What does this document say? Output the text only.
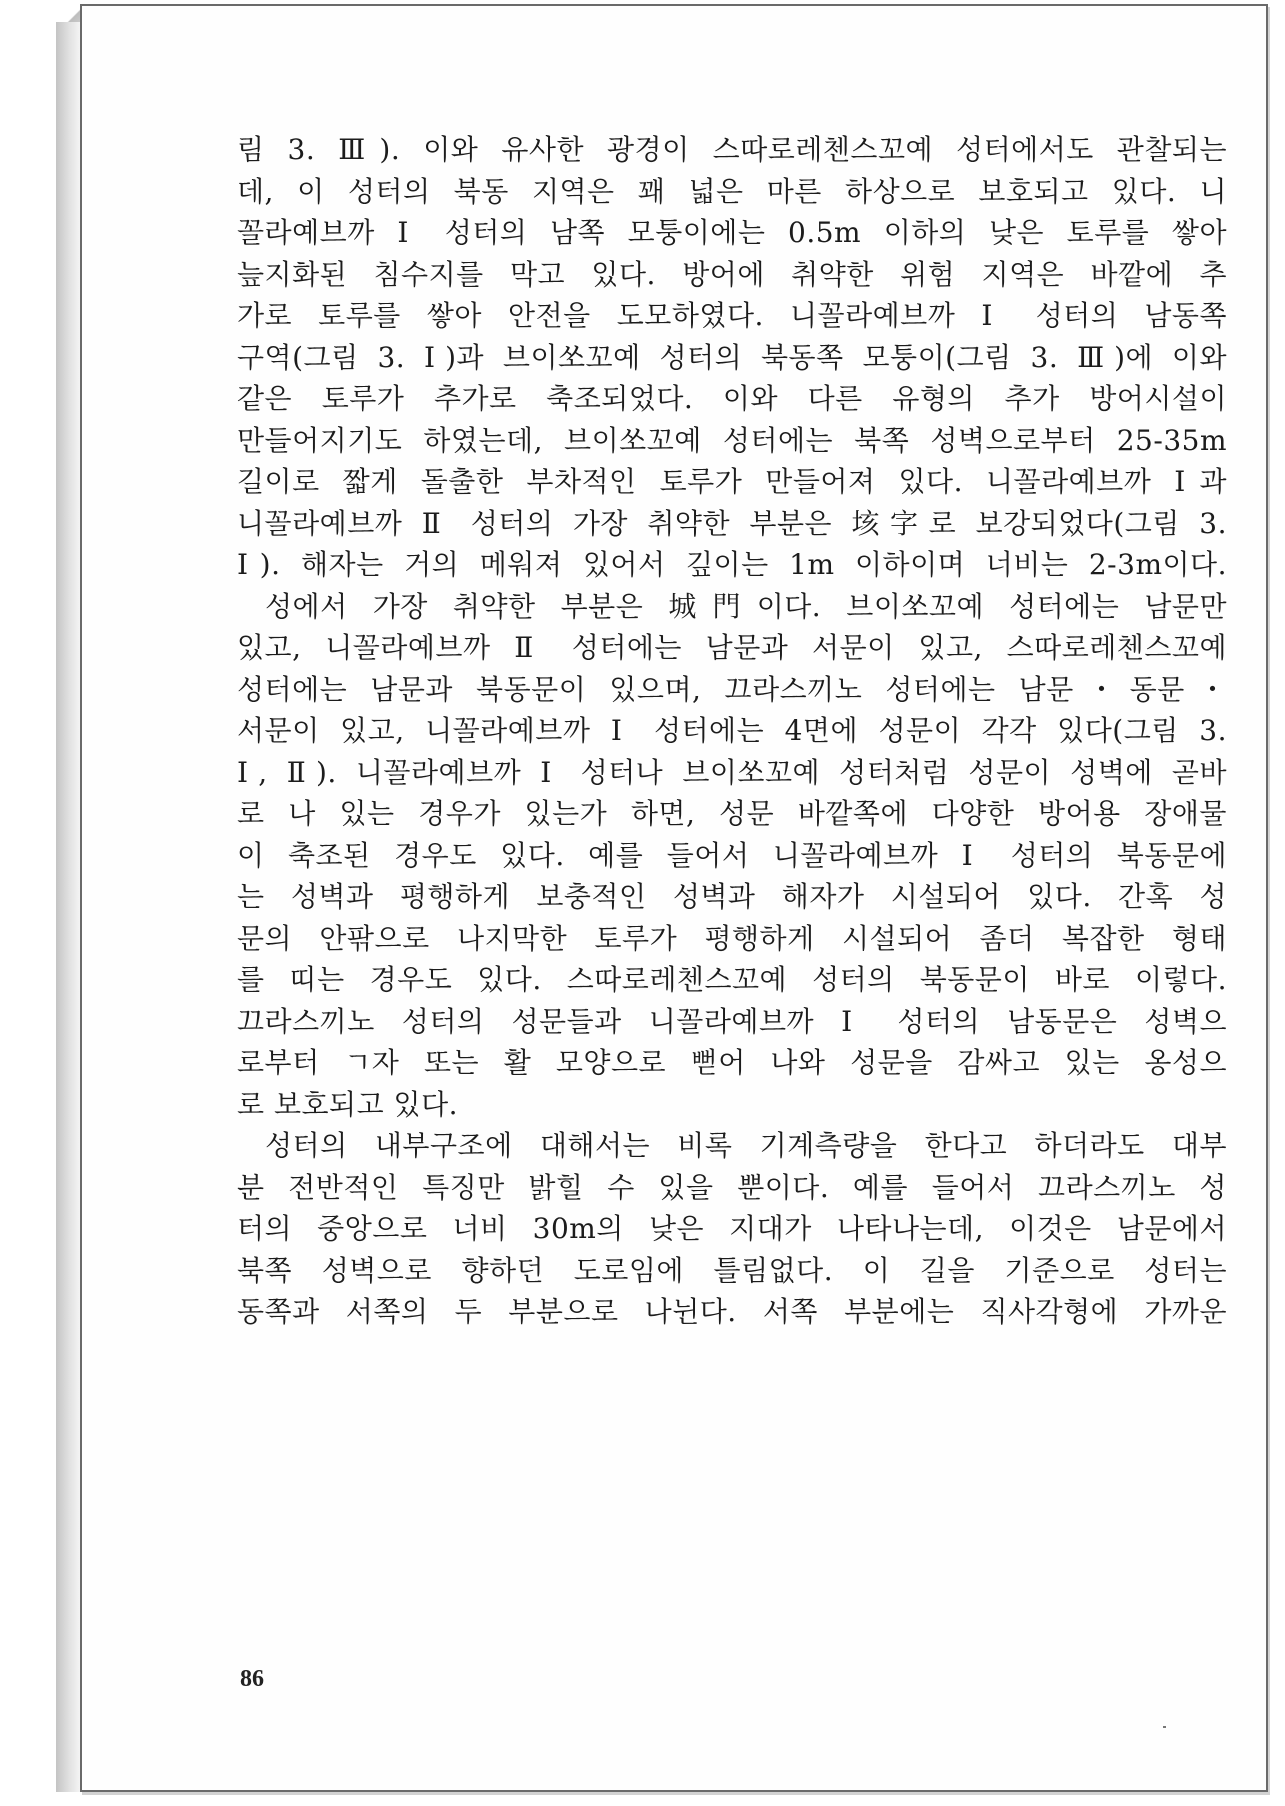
림 3. Ⅲ). 이와 유사한 광경이 스따로레첸스꼬예 성터에서도 관찰되는
데, 이 성터의 북동 지역은 꽤 넓은 마른 하상으로 보호되고 있다. 니
꼴라예브까 Ⅰ 성터의 남쪽 모퉁이에는 0.5m 이하의 낮은 토루를 쌓아
늪지화된 침수지를 막고 있다. 방어에 취약한 위험 지역은 바깥에 추
가로 토루를 쌓아 안전을 도모하였다. 니꼴라예브까 Ⅰ 성터의 남동쪽
구역(그림 3. Ⅰ)과 브이쏘꼬예 성터의 북동쪽 모퉁이(그림 3. Ⅲ)에 이와
같은 토루가 추가로 축조되었다. 이와 다른 유형의 추가 방어시설이
만들어지기도 하였는데, 브이쏘꼬예 성터에는 북쪽 성벽으로부터 25-35m
길이로 짧게 돌출한 부차적인 토루가 만들어져 있다. 니꼴라예브까 Ⅰ과
니꼴라예브까 Ⅱ 성터의 가장 취약한 부분은 垓字로 보강되었다(그림 3.
Ⅰ). 해자는 거의 메워져 있어서 깊이는 1m 이하이며 너비는 2-3m이다.
성에서 가장 취약한 부분은 城門이다. 브이쏘꼬예 성터에는 남문만
있고, 니꼴라예브까 Ⅱ 성터에는 남문과 서문이 있고, 스따로레첸스꼬예
성터에는 남문과 북동문이 있으며, 끄라스끼노 성터에는 남문・동문・
서문이 있고, 니꼴라예브까 Ⅰ 성터에는 4면에 성문이 각각 있다(그림 3.
Ⅰ, Ⅱ). 니꼴라예브까 Ⅰ 성터나 브이쏘꼬예 성터처럼 성문이 성벽에 곧바
로 나 있는 경우가 있는가 하면, 성문 바깥쪽에 다양한 방어용 장애물
이 축조된 경우도 있다. 예를 들어서 니꼴라예브까 Ⅰ 성터의 북동문에
는 성벽과 평행하게 보충적인 성벽과 해자가 시설되어 있다. 간혹 성
문의 안팎으로 나지막한 토루가 평행하게 시설되어 좀더 복잡한 형태
를 띠는 경우도 있다. 스따로레첸스꼬예 성터의 북동문이 바로 이렇다.
끄라스끼노 성터의 성문들과 니꼴라예브까 Ⅰ 성터의 남동문은 성벽으
로부터 ㄱ자 또는 활 모양으로 뻗어 나와 성문을 감싸고 있는 옹성으
로 보호되고 있다.
성터의 내부구조에 대해서는 비록 기계측량을 한다고 하더라도 대부
분 전반적인 특징만 밝힐 수 있을 뿐이다. 예를 들어서 끄라스끼노 성
터의 중앙으로 너비 30m의 낮은 지대가 나타나는데, 이것은 남문에서
북쪽 성벽으로 향하던 도로임에 틀림없다. 이 길을 기준으로 성터는
동쪽과 서쪽의 두 부분으로 나뉜다. 서쪽 부분에는 직사각형에 가까운
86
